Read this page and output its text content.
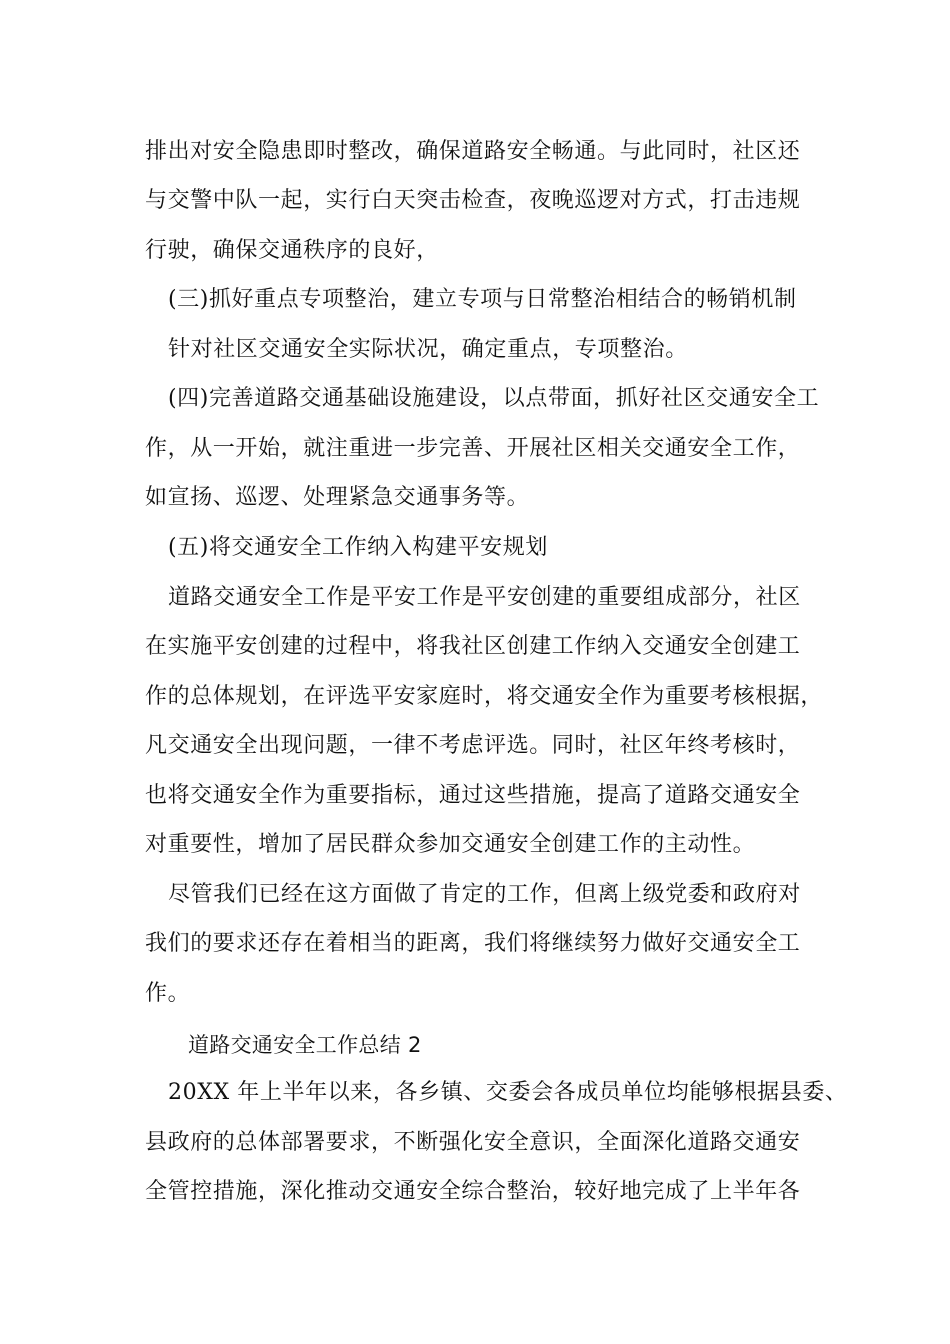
排出对安全隐患即时整改，确保道路安全畅通。与此同时，社区还
与交警中队一起，实行白天突击检查，夜晚巡逻对方式，打击违规
行驶，确保交通秩序的良好，
(三)抓好重点专项整治，建立专项与日常整治相结合的畅销机制
针对社区交通安全实际状况，确定重点，专项整治。
(四)完善道路交通基础设施建设，以点带面，抓好社区交通安全工
作，从一开始，就注重进一步完善、开展社区相关交通安全工作，
如宣扬、巡逻、处理紧急交通事务等。
(五)将交通安全工作纳入构建平安规划
道路交通安全工作是平安工作是平安创建的重要组成部分，社区
在实施平安创建的过程中，将我社区创建工作纳入交通安全创建工
作的总体规划，在评选平安家庭时，将交通安全作为重要考核根据，
凡交通安全出现问题，一律不考虑评选。同时，社区年终考核时，
也将交通安全作为重要指标，通过这些措施，提高了道路交通安全
对重要性，增加了居民群众参加交通安全创建工作的主动性。
尽管我们已经在这方面做了肯定的工作，但离上级党委和政府对
我们的要求还存在着相当的距离，我们将继续努力做好交通安全工
作。
道路交通安全工作总结 2
20XX 年上半年以来，各乡镇、交委会各成员单位均能够根据县委、
县政府的总体部署要求，不断强化安全意识，全面深化道路交通安
全管控措施，深化推动交通安全综合整治，较好地完成了上半年各
